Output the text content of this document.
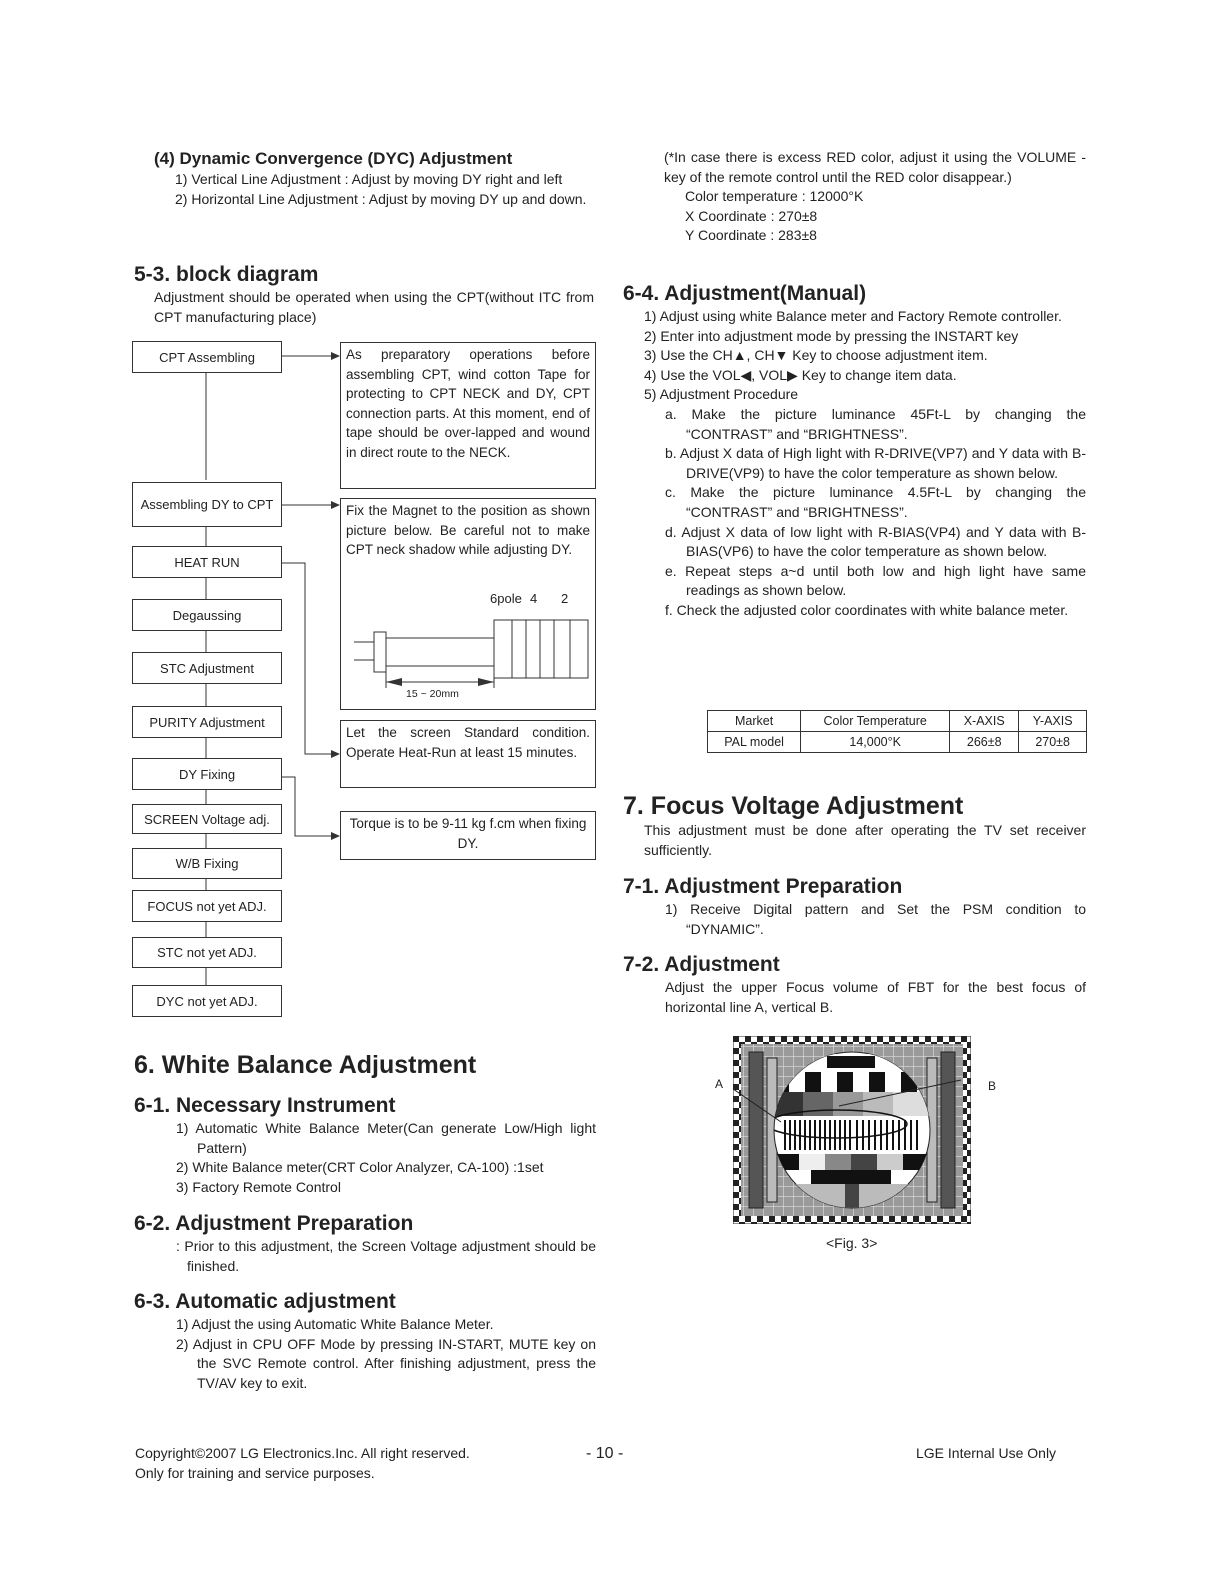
(4) Dynamic Convergence (DYC) Adjustment

1) Vertical Line Adjustment : Adjust by moving DY right and left

2) Horizontal Line Adjustment : Adjust by moving DY up and down.

5-3. block diagram

Adjustment should be operated when using the CPT(without ITC from CPT manufacturing place)

CPT Assembling
Assembling DY to CPT
HEAT RUN
Degaussing
STC Adjustment
PURITY Adjustment
DY Fixing
SCREEN Voltage adj.
W/B Fixing
FOCUS not yet ADJ.
STC not yet ADJ.
DYC not yet ADJ.
As preparatory operations before assembling CPT, wind cotton Tape for protecting to CPT NECK and DY, CPT connection parts. At this moment, end of tape should be over-lapped and wound in direct route to the NECK.
Fix the Magnet to the position as shown picture below. Be careful not to make CPT neck shadow while adjusting DY.
6pole 4 2
15 ~ 20mm
Let the screen Standard condition. Operate Heat-Run at least 15 minutes.
Torque is to be 9-11 kg f.cm when fixing DY.

6. White Balance Adjustment

6-1. Necessary Instrument

1) Automatic White Balance Meter(Can generate Low/High light Pattern)

2) White Balance meter(CRT Color Analyzer, CA-100) :1set

3) Factory Remote Control

6-2. Adjustment Preparation

: Prior to this adjustment, the Screen Voltage adjustment should be finished.

6-3. Automatic adjustment

1) Adjust the using Automatic White Balance Meter.

2) Adjust in CPU OFF Mode by pressing IN-START, MUTE key on the SVC Remote control. After finishing adjustment, press the TV/AV key to exit.

(*In case there is excess RED color, adjust it using the VOLUME - key of the remote control until the RED color disappear.)

Color temperature : 12000°K

X Coordinate : 270±8

Y Coordinate : 283±8

6-4. Adjustment(Manual)

1) Adjust using white Balance meter and Factory Remote controller.

2) Enter into adjustment mode by pressing the INSTART key

3) Use the CH▲, CH▼ Key to choose adjustment item.

4) Use the VOL◀, VOL▶ Key to change item data.

5) Adjustment Procedure

a. Make the picture luminance 45Ft-L by changing the “CONTRAST” and “BRIGHTNESS”.

b. Adjust X data of High light with R-DRIVE(VP7) and Y data with B-DRIVE(VP9) to have the color temperature as shown below.

c. Make the picture luminance 4.5Ft-L by changing the “CONTRAST” and “BRIGHTNESS”.

d. Adjust X data of low light with R-BIAS(VP4) and Y data with B-BIAS(VP6) to have the color temperature as shown below.

e. Repeat steps a~d until both low and high light have same readings as shown below.

f. Check the adjusted color coordinates with white balance meter.

Market	Color Temperature	X-AXIS	Y-AXIS
PAL model	14,000°K	266±8	270±8

7. Focus Voltage Adjustment

This adjustment must be done after operating the TV set receiver sufficiently.

7-1. Adjustment Preparation

1) Receive Digital pattern and Set the PSM condition to “DYNAMIC”.

7-2. Adjustment

Adjust the upper Focus volume of FBT for the best focus of horizontal line A, vertical B.

A	B
<Fig. 3>
Copyright©2007 LG Electronics.Inc. All right reserved.
Only for training and service purposes.
- 10 -	LGE Internal Use Only
